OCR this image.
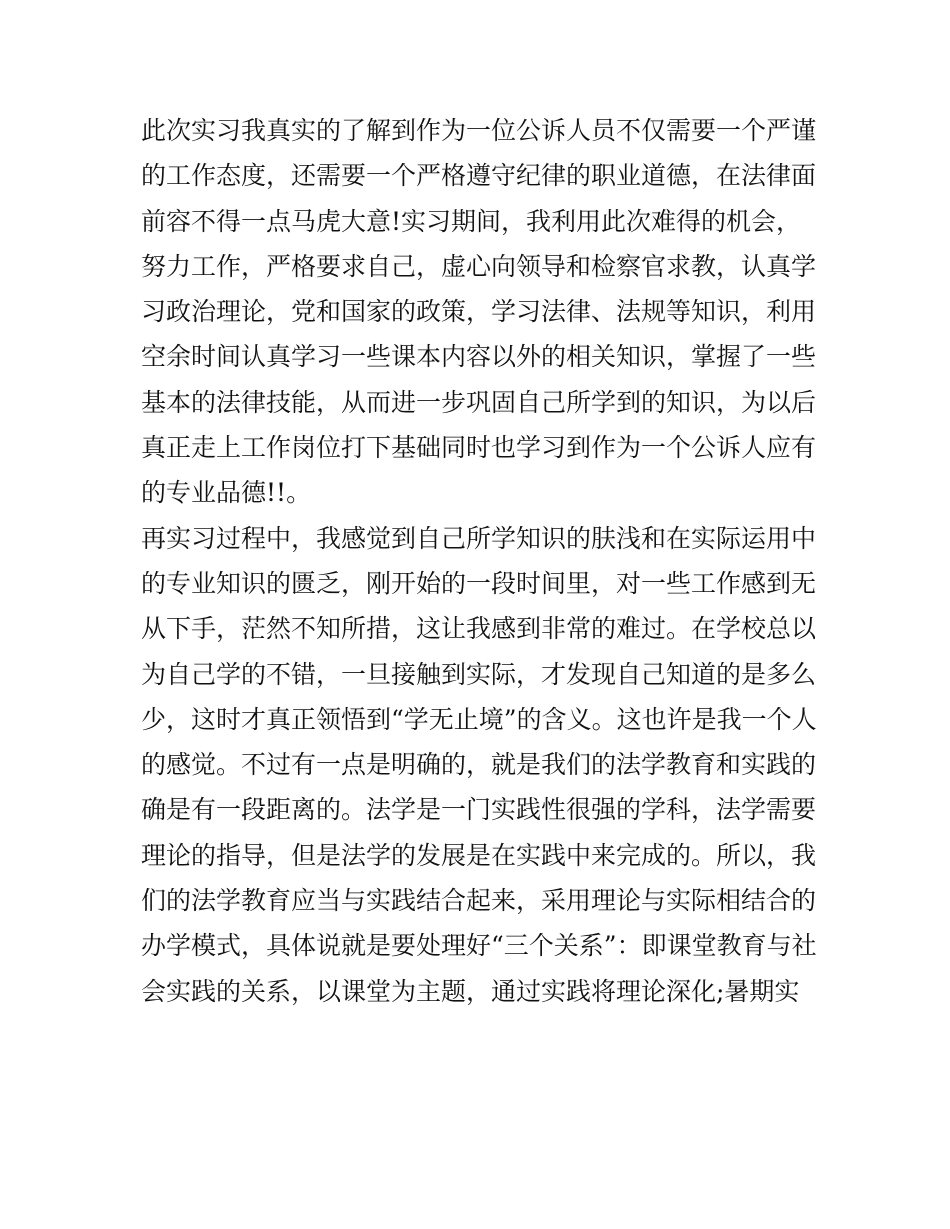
此次实习我真实的了解到作为一位公诉人员不仅需要一个严谨
的工作态度，还需要一个严格遵守纪律的职业道德，在法律面
前容不得一点马虎大意!实习期间，我利用此次难得的机会，
努力工作，严格要求自己，虚心向领导和检察官求教，认真学
习政治理论，党和国家的政策，学习法律、法规等知识，利用
空余时间认真学习一些课本内容以外的相关知识，掌握了一些
基本的法律技能，从而进一步巩固自己所学到的知识，为以后
真正走上工作岗位打下基础同时也学习到作为一个公诉人应有
的专业品德!!。
再实习过程中，我感觉到自己所学知识的肤浅和在实际运用中
的专业知识的匮乏，刚开始的一段时间里，对一些工作感到无
从下手，茫然不知所措，这让我感到非常的难过。在学校总以
为自己学的不错，一旦接触到实际，才发现自己知道的是多么
少，这时才真正领悟到“学无止境”的含义。这也许是我一个人
的感觉。不过有一点是明确的，就是我们的法学教育和实践的
确是有一段距离的。法学是一门实践性很强的学科，法学需要
理论的指导，但是法学的发展是在实践中来完成的。所以，我
们的法学教育应当与实践结合起来，采用理论与实际相结合的
办学模式，具体说就是要处理好“三个关系”：即课堂教育与社
会实践的关系，以课堂为主题，通过实践将理论深化;暑期实
